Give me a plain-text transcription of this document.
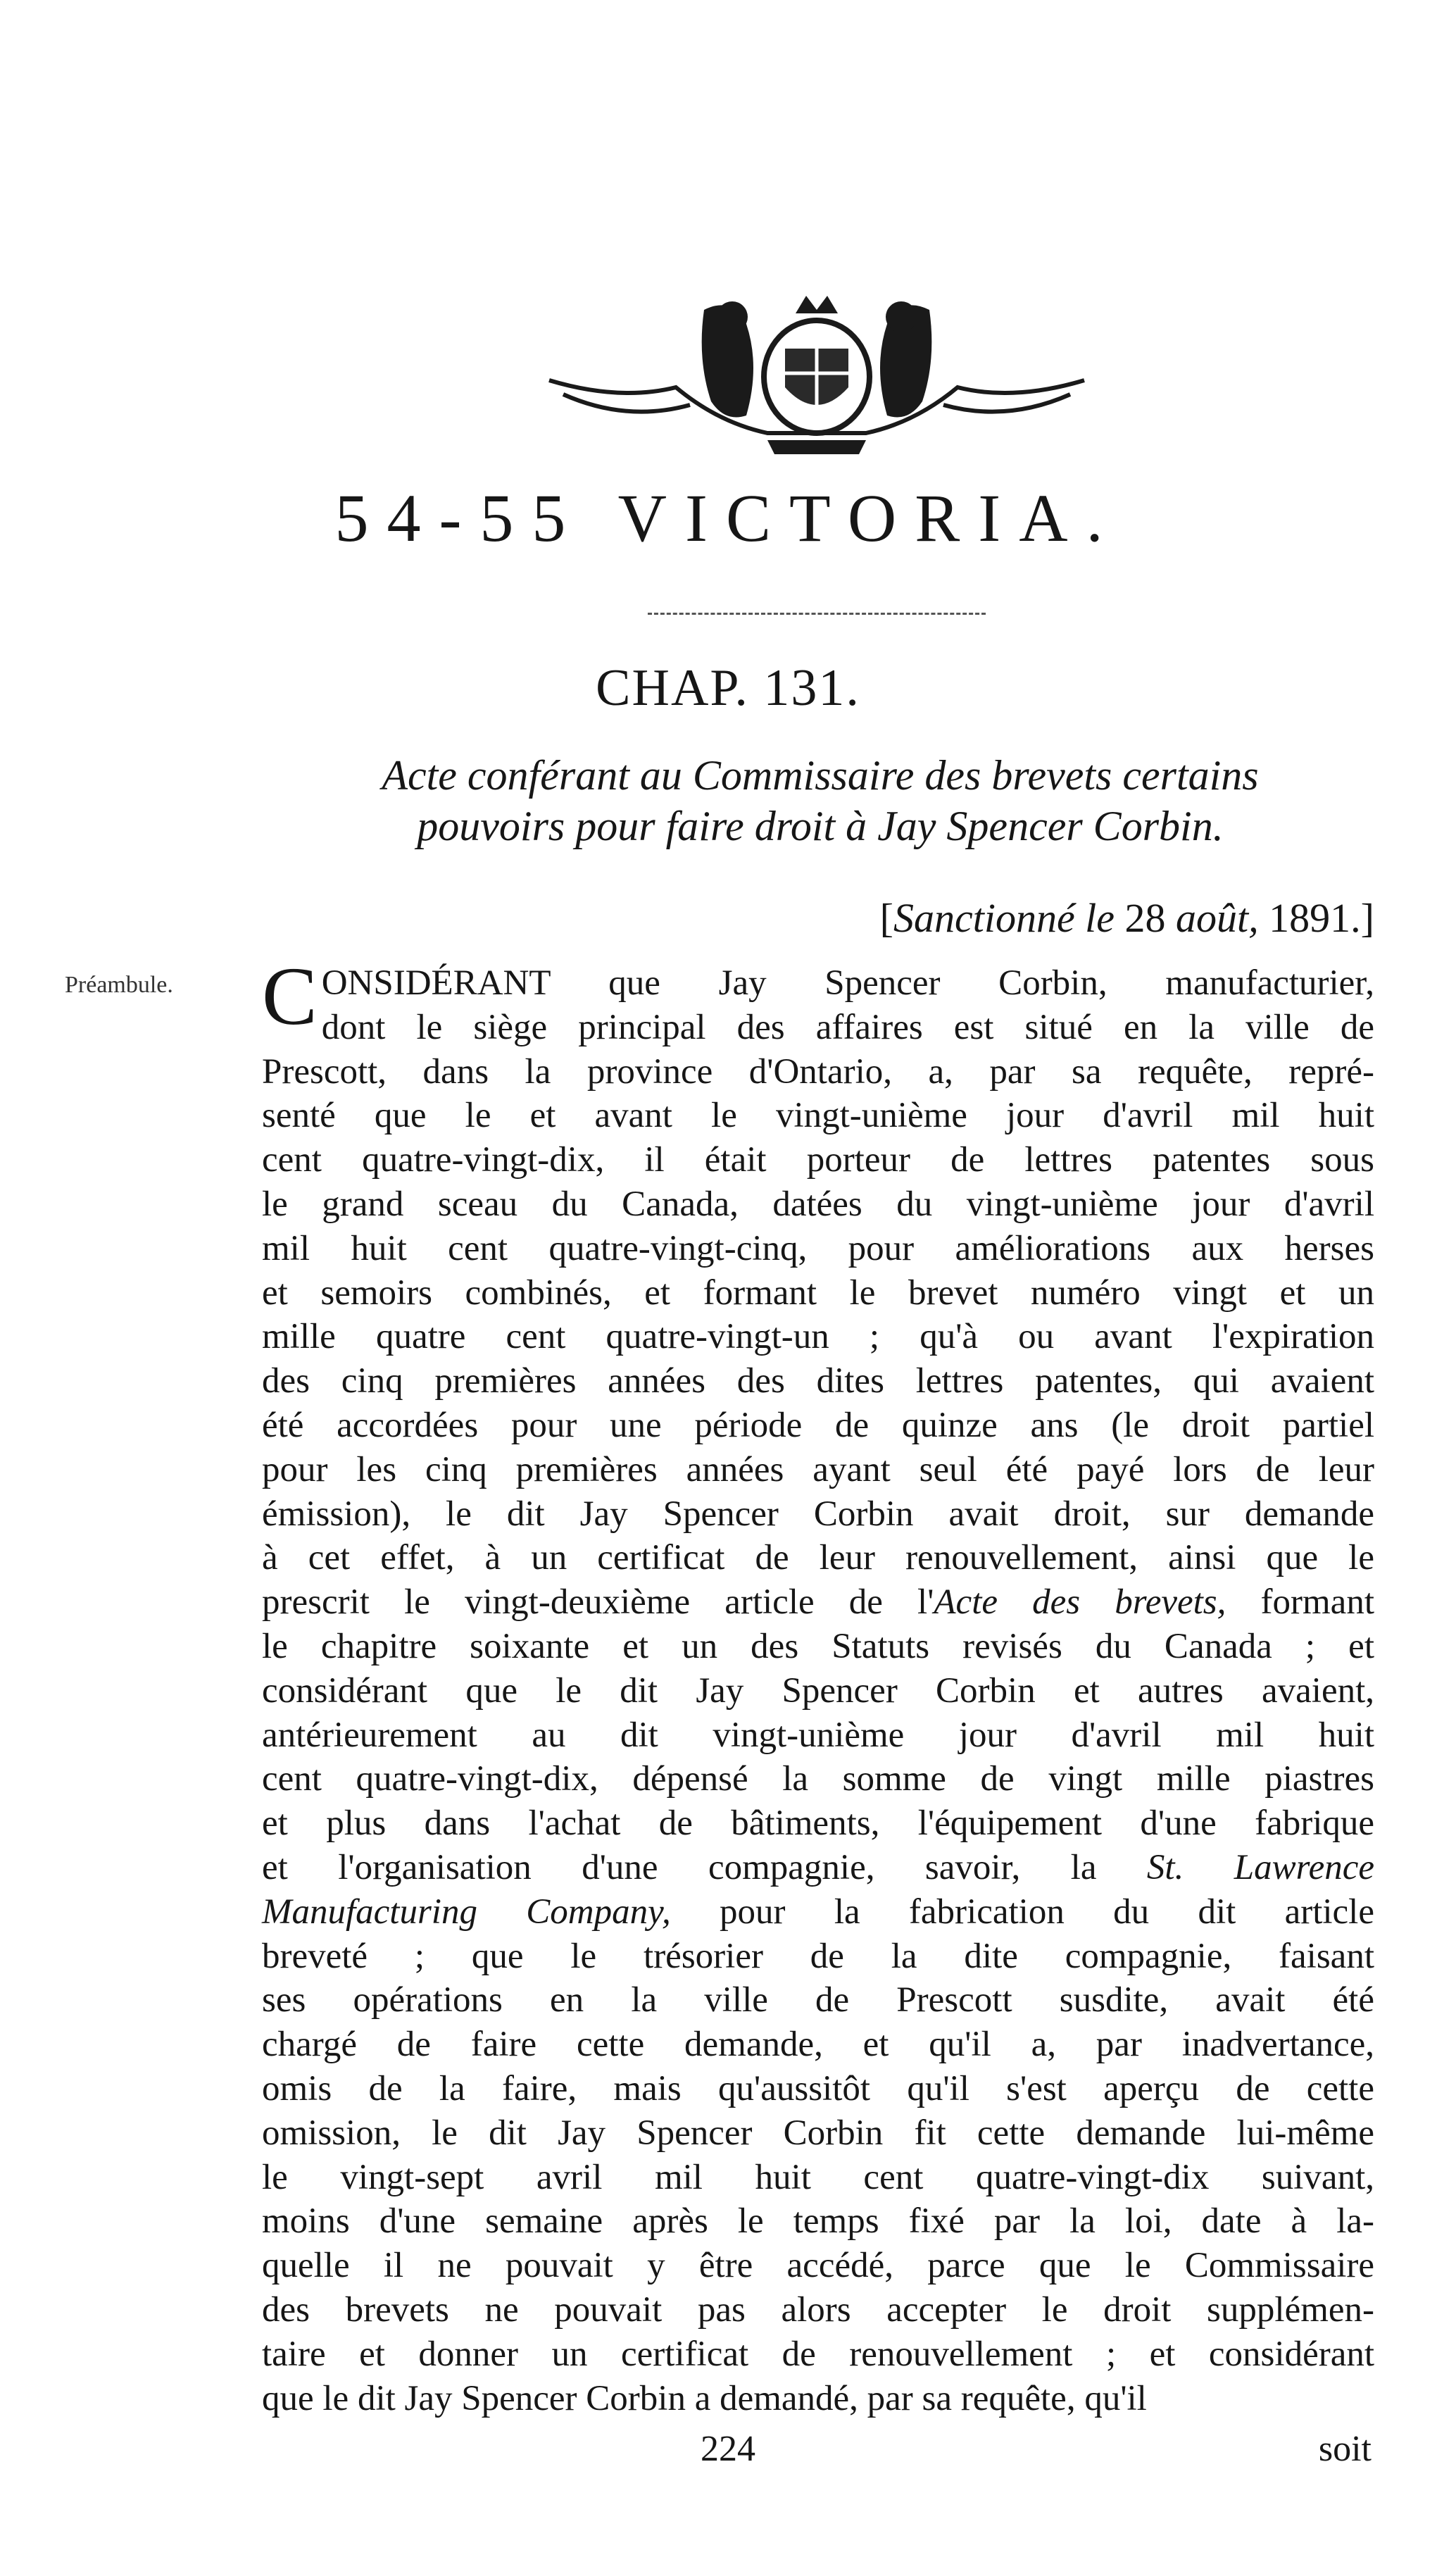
54-55 VICTORIA.
CHAP. 131.
Acte conférant au Commissaire des brevets certains
pouvoirs pour faire droit à Jay Spencer Corbin.
[Sanctionné le 28 août, 1891.]
Préambule. C ONSIDÉRANT que Jay Spencer Corbin, manufacturier,
dont le siège principal des affaires est situé en la ville de
Prescott, dans la province d'Ontario, a, par sa requête, repré-
senté que le et avant le vingt-unième jour d'avril mil huit
cent quatre-vingt-dix, il était porteur de lettres patentes sous
le grand sceau du Canada, datées du vingt-unième jour d'avril
mil huit cent quatre-vingt-cinq, pour améliorations aux herses
et semoirs combinés, et formant le brevet numéro vingt et un
mille quatre cent quatre-vingt-un ; qu'à ou avant l'expiration
des cinq premières années des dites lettres patentes, qui avaient
été accordées pour une période de quinze ans (le droit partiel
pour les cinq premières années ayant seul été payé lors de leur
émission), le dit Jay Spencer Corbin avait droit, sur demande
à cet effet, à un certificat de leur renouvellement, ainsi que le
prescrit le vingt-deuxième article de l'Acte des brevets, formant
le chapitre soixante et un des Statuts revisés du Canada ; et
considérant que le dit Jay Spencer Corbin et autres avaient,
antérieurement au dit vingt-unième jour d'avril mil huit
cent quatre-vingt-dix, dépensé la somme de vingt mille piastres
et plus dans l'achat de bâtiments, l'équipement d'une fabrique
et l'organisation d'une compagnie, savoir, la St. Lawrence
Manufacturing Company, pour la fabrication du dit article
breveté ; que le trésorier de la dite compagnie, faisant
ses opérations en la ville de Prescott susdite, avait été
chargé de faire cette demande, et qu'il a, par inadvertance,
omis de la faire, mais qu'aussitôt qu'il s'est aperçu de cette
omission, le dit Jay Spencer Corbin fit cette demande lui-même
le vingt-sept avril mil huit cent quatre-vingt-dix suivant,
moins d'une semaine après le temps fixé par la loi, date à la-
quelle il ne pouvait y être accédé, parce que le Commissaire
des brevets ne pouvait pas alors accepter le droit supplémen-
taire et donner un certificat de renouvellement ; et considérant
que le dit Jay Spencer Corbin a demandé, par sa requête, qu'il
224	soit
